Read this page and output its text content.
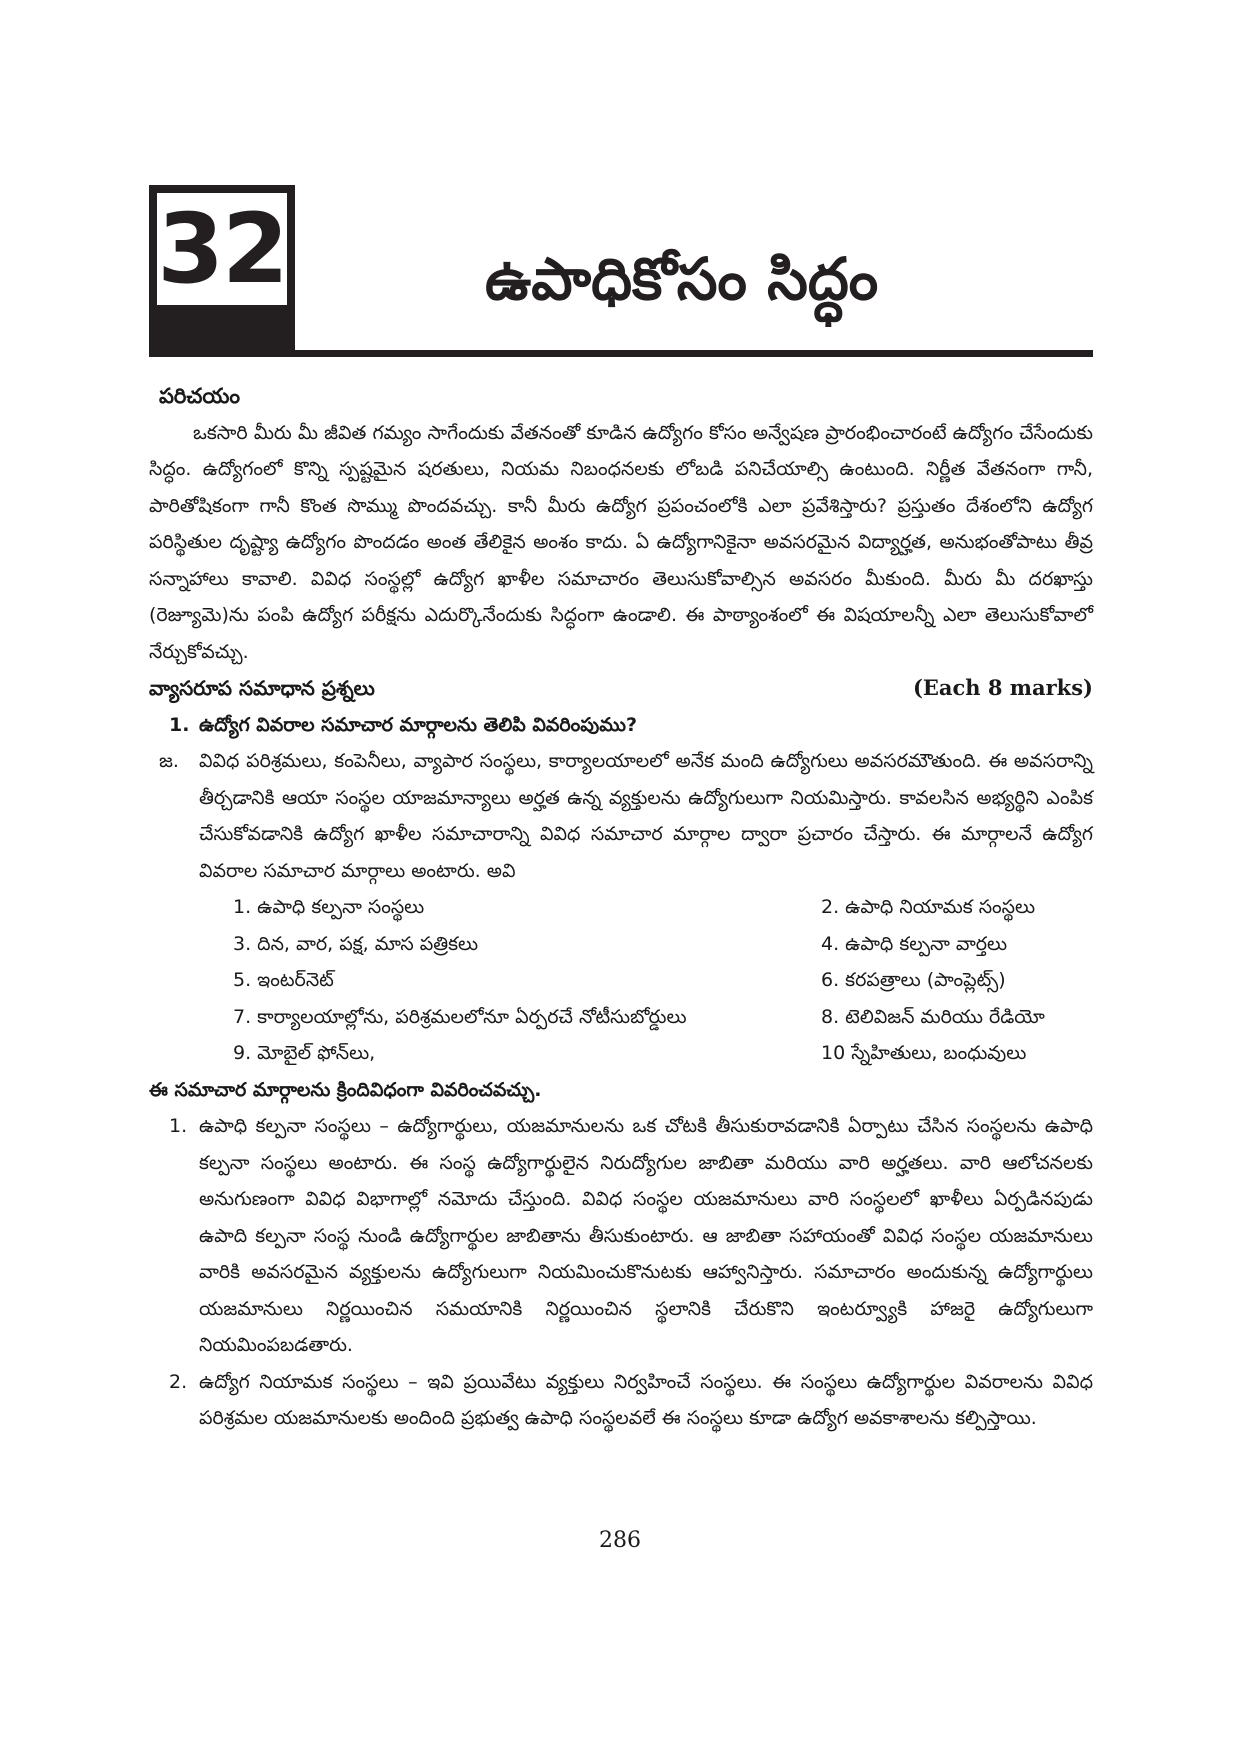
32	ఉపాధికోసం సిద్ధం

పరిచయం

ఒకసారి మీరు మీ జీవిత గమ్యం సాగేందుకు వేతనంతో కూడిన ఉద్యోగం కోసం అన్వేషణ ప్రారంభించారంటే ఉద్యోగం చేసేందుకు సిద్ధం. ఉద్యోగంలో కొన్ని స్పష్టమైన షరతులు, నియమ నిబంధనలకు లోబడి పనిచేయాల్సి ఉంటుంది. నిర్ణీత వేతనంగా గానీ, పారితోషికంగా గానీ కొంత సొమ్ము పొందవచ్చు. కానీ మీరు ఉద్యోగ ప్రపంచంలోకి ఎలా ప్రవేశిస్తారు? ప్రస్తుతం దేశంలోని ఉద్యోగ పరిస్థితుల దృష్ట్యా ఉద్యోగం పొందడం అంత తేలికైన అంశం కాదు. ఏ ఉద్యోగానికైనా అవసరమైన విద్యార్హత, అనుభంతోపాటు తీవ్ర సన్నాహాలు కావాలి. వివిధ సంస్థల్లో ఉద్యోగ ఖాళీల సమాచారం తెలుసుకోవాల్సిన అవసరం మీకుంది. మీరు మీ దరఖాస్తు (రెజ్యూమె)ను పంపి ఉద్యోగ పరీక్షను ఎదుర్కొనేందుకు సిద్ధంగా ఉండాలి. ఈ పాఠ్యాంశంలో ఈ విషయాలన్నీ ఎలా తెలుసుకోవాలో నేర్చుకోవచ్చు.

వ్యాసరూప సమాధాన ప్రశ్నలు	(Each 8 marks)

1. ఉద్యోగ వివరాల సమాచార మార్గాలను తెలిపి వివరింపుము?

జ.	వివిధ పరిశ్రమలు, కంపెనీలు, వ్యాపార సంస్థలు, కార్యాలయాలలో అనేక మంది ఉద్యోగులు అవసరమౌతుంది. ఈ అవసరాన్ని తీర్చడానికి ఆయా సంస్థల యాజమాన్యాలు అర్హత ఉన్న వ్యక్తులను ఉద్యోగులుగా నియమిస్తారు. కావలసిన అభ్యర్థిని ఎంపిక చేసుకోవడానికి ఉద్యోగ ఖాళీల సమాచారాన్ని వివిధ సమాచార మార్గాల ద్వారా ప్రచారం చేస్తారు. ఈ మార్గాలనే ఉద్యోగ వివరాల సమాచార మార్గాలు అంటారు. అవి
1. ఉపాధి కల్పనా సంస్థలు	2. ఉపాధి నియామక సంస్థలు
3. దిన, వార, పక్ష, మాస పత్రికలు	4. ఉపాధి కల్పనా వార్తలు
5. ఇంటర్‌నెట్	6. కరపత్రాలు (పాంప్లెట్స్)
7. కార్యాలయాల్లోను, పరిశ్రమలలోనూ ఏర్పరచే నోటీసుబోర్డులు	8. టెలివిజన్ మరియు రేడియో
9. మోబైల్ ఫోన్‌లు,	10 స్నేహితులు, బంధువులు

ఈ సమాచార మార్గాలను క్రిందివిధంగా వివరించవచ్చు.

1. ఉపాధి కల్పనా సంస్థలు – ఉద్యోగార్థులు, యజమానులను ఒక చోటకి తీసుకురావడానికి ఏర్పాటు చేసిన సంస్థలను ఉపాధి కల్పనా సంస్థలు అంటారు. ఈ సంస్థ ఉద్యోగార్థులైన నిరుద్యోగుల జాబితా మరియు వారి అర్హతలు. వారి ఆలోచనలకు అనుగుణంగా వివిధ విభాగాల్లో నమోదు చేస్తుంది. వివిధ సంస్థల యజమానులు వారి సంస్థలలో ఖాళీలు ఏర్పడినపుడు ఉపాది కల్పనా సంస్థ నుండి ఉద్యోగార్థుల జాబితాను తీసుకుంటారు. ఆ జాబితా సహాయంతో వివిధ సంస్థల యజమానులు వారికి అవసరమైన వ్యక్తులను ఉద్యోగులుగా నియమించుకొనుటకు ఆహ్వానిస్తారు. సమాచారం అందుకున్న ఉద్యోగార్థులు యజమానులు నిర్ణయించిన సమయానికి నిర్ణయించిన స్థలానికి చేరుకొని ఇంటర్వ్యూకి హాజరై ఉద్యోగులుగా నియమింపబడతారు.
2. ఉద్యోగ నియామక సంస్థలు – ఇవి ప్రయివేటు వ్యక్తులు నిర్వహించే సంస్థలు. ఈ సంస్థలు ఉద్యోగార్థుల వివరాలను వివిధ పరిశ్రమల యజమానులకు అందింది ప్రభుత్వ ఉపాధి సంస్థలవలే ఈ సంస్థలు కూడా ఉద్యోగ అవకాశాలను కల్పిస్తాయి.
286
